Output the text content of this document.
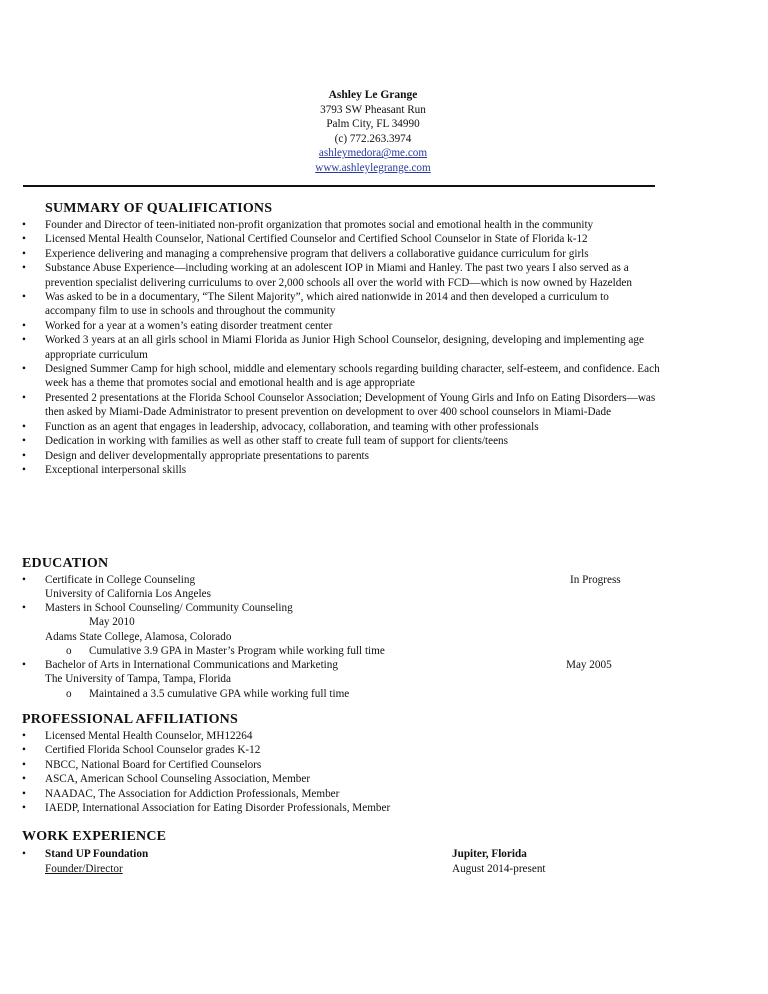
Ashley Le Grange
3793 SW Pheasant Run
Palm City, FL 34990
(c) 772.263.3974
ashleymedora@me.com
www.ashleylegrange.com
SUMMARY OF QUALIFICATIONS
• Founder and Director of teen-initiated non-profit organization that promotes social and emotional health in the community
• Licensed Mental Health Counselor, National Certified Counselor and Certified School Counselor in State of Florida k-12
• Experience delivering and managing a comprehensive program that delivers a collaborative guidance curriculum for girls
• Substance Abuse Experience—including working at an adolescent IOP in Miami and Hanley. The past two years I also served as a prevention specialist delivering curriculums to over 2,000 schools all over the world with FCD—which is now owned by Hazelden
• Was asked to be in a documentary, “The Silent Majority”, which aired nationwide in 2014 and then developed a curriculum to accompany film to use in schools and throughout the community
• Worked for a year at a women’s eating disorder treatment center
• Worked 3 years at an all girls school in Miami Florida as Junior High School Counselor, designing, developing and implementing age appropriate curriculum
• Designed Summer Camp for high school, middle and elementary schools regarding building character, self-esteem, and confidence. Each week has a theme that promotes social and emotional health and is age appropriate
• Presented 2 presentations at the Florida School Counselor Association; Development of Young Girls and Info on Eating Disorders—was then asked by Miami-Dade Administrator to present prevention on development to over 400 school counselors in Miami-Dade
• Function as an agent that engages in leadership, advocacy, collaboration, and teaming with other professionals
• Dedication in working with families as well as other staff to create full team of support for clients/teens
• Design and deliver developmentally appropriate presentations to parents
• Exceptional interpersonal skills
EDUCATION
• Certificate in College Counseling	In Progress
University of California Los Angeles
• Masters in School Counseling/ Community Counseling
May 2010
Adams State College, Alamosa, Colorado
o Cumulative 3.9 GPA in Master’s Program while working full time
• Bachelor of Arts in International Communications and Marketing	May 2005
The University of Tampa, Tampa, Florida
o Maintained a 3.5 cumulative GPA while working full time
PROFESSIONAL AFFILIATIONS
• Licensed Mental Health Counselor, MH12264
• Certified Florida School Counselor grades K-12
• NBCC, National Board for Certified Counselors
• ASCA, American School Counseling Association, Member
• NAADAC, The Association for Addiction Professionals, Member
• IAEDP, International Association for Eating Disorder Professionals, Member
WORK EXPERIENCE
• Stand UP Foundation	Jupiter, Florida
Founder/Director	August 2014-present
